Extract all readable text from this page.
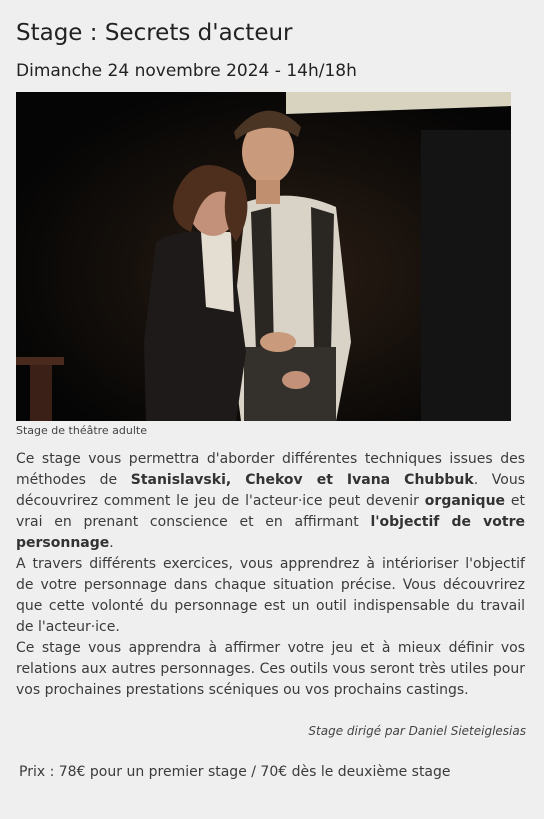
Stage : Secrets d'acteur
Dimanche 24 novembre 2024 - 14h/18h
Stage de théâtre adulte

Ce stage vous permettra d'aborder différentes techniques issues des méthodes de Stanislavski, Chekov et Ivana Chubbuk. Vous découvrirez comment le jeu de l'acteur·ice peut devenir organique et vrai en prenant conscience et en affirmant l'objectif de votre personnage.

A travers différents exercices, vous apprendrez à intérioriser l'objectif de votre personnage dans chaque situation précise. Vous découvrirez que cette volonté du personnage est un outil indispensable du travail de l'acteur·ice.

Ce stage vous apprendra à affirmer votre jeu et à mieux définir vos relations aux autres personnages. Ces outils vous seront très utiles pour vos prochaines prestations scéniques ou vos prochains castings.

Stage dirigé par Daniel Sieteiglesias
Prix : 78€ pour un premier stage / 70€ dès le deuxième stage
